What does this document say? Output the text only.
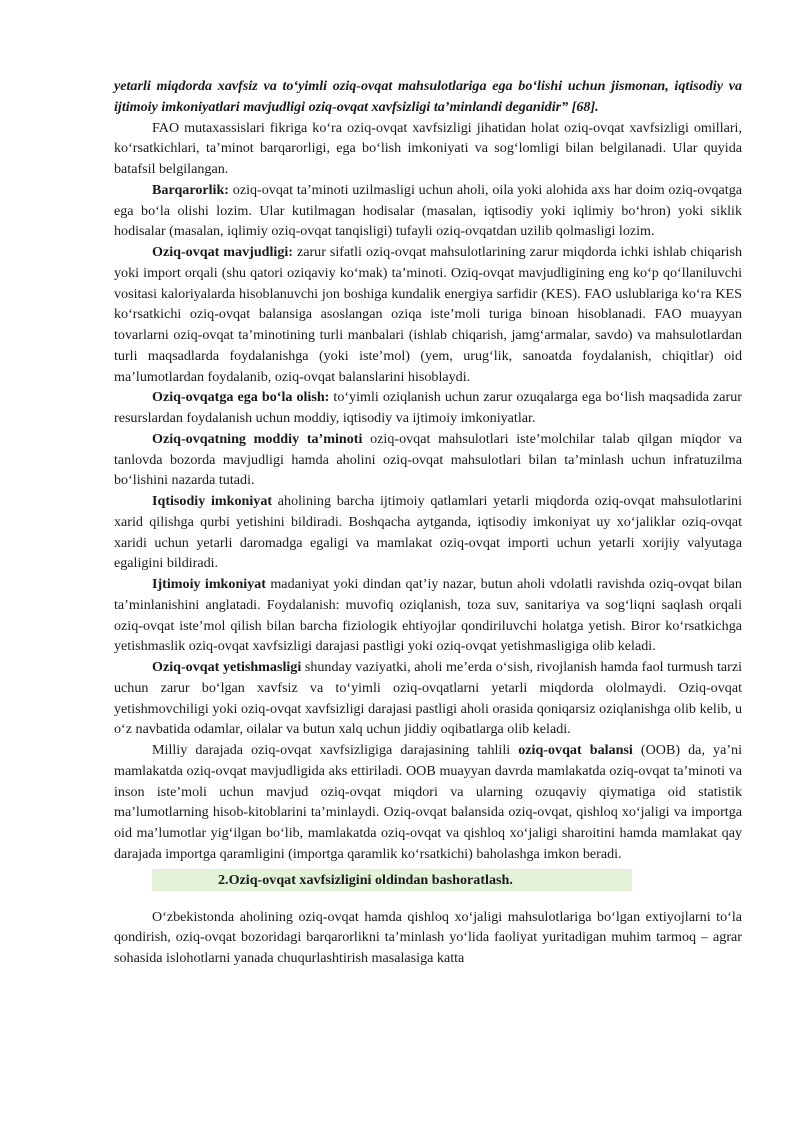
yetarli miqdorda xavfsiz va to‘yimli oziq-ovqat mahsulotlariga ega bo‘lishi uchun jismonan, iqtisodiy va ijtimoiy imkoniyatlari mavjudligi oziq-ovqat xavfsizligi ta’minlandi deganidir” [68].

FAO mutaxassislari fikriga ko‘ra oziq-ovqat xavfsizligi jihatidan holat oziq-ovqat xavfsizligi omillari, ko‘rsatkichlari, ta’minot barqarorligi, ega bo‘lish imkoniyati va sog‘lomligi bilan belgilanadi. Ular quyida batafsil belgilangan.

Barqarorlik: oziq-ovqat ta’minoti uzilmasligi uchun aholi, oila yoki alohida axs har doim oziq-ovqatga ega bo‘la olishi lozim. Ular kutilmagan hodisalar (masalan, iqtisodiy yoki iqlimiy bo‘hron) yoki siklik hodisalar (masalan, iqlimiy oziq-ovqat tanqisligi) tufayli oziq-ovqatdan uzilib qolmasligi lozim.

Oziq-ovqat mavjudligi: zarur sifatli oziq-ovqat mahsulotlarining zarur miqdorda ichki ishlab chiqarish yoki import orqali (shu qatori oziqaviy ko‘mak) ta’minoti. Oziq-ovqat mavjudligining eng ko‘p qo‘llaniluvchi vositasi kaloriyalarda hisoblanuvchi jon boshiga kundalik energiya sarfidir (KES). FAO uslublariga ko‘ra KES ko‘rsatkichi oziq-ovqat balansiga asoslangan oziqa iste’moli turiga binoan hisoblanadi. FAO muayyan tovarlarni oziq-ovqat ta’minotining turli manbalari (ishlab chiqarish, jamg‘armalar, savdo) va mahsulotlardan turli maqsadlarda foydalanishga (yoki iste’mol) (yem, urug‘lik, sanoatda foydalanish, chiqitlar) oid ma’lumotlardan foydalanib, oziq-ovqat balanslarini hisoblaydi.

Oziq-ovqatga ega bo‘la olish: to‘yimli oziqlanish uchun zarur ozuqalarga ega bo‘lish maqsadida zarur resurslardan foydalanish uchun moddiy, iqtisodiy va ijtimoiy imkoniyatlar.

Oziq-ovqatning moddiy ta’minoti oziq-ovqat mahsulotlari iste’molchilar talab qilgan miqdor va tanlovda bozorda mavjudligi hamda aholini oziq-ovqat mahsulotlari bilan ta’minlash uchun infratuzilma bo‘lishini nazarda tutadi.

Iqtisodiy imkoniyat aholining barcha ijtimoiy qatlamlari yetarli miqdorda oziq-ovqat mahsulotlarini xarid qilishga qurbi yetishini bildiradi. Boshqacha aytganda, iqtisodiy imkoniyat uy xo‘jaliklar oziq-ovqat xaridi uchun yetarli daromadga egaligi va mamlakat oziq-ovqat importi uchun yetarli xorijiy valyutaga egaligini bildiradi.

Ijtimoiy imkoniyat madaniyat yoki dindan qat’iy nazar, butun aholi vdolatli ravishda oziq-ovqat bilan ta’minlanishini anglatadi. Foydalanish: muvofiq oziqlanish, toza suv, sanitariya va sog‘liqni saqlash orqali oziq-ovqat iste’mol qilish bilan barcha fiziologik ehtiyojlar qondiriluvchi holatga yetish. Biror ko‘rsatkichga yetishmaslik oziq-ovqat xavfsizligi darajasi pastligi yoki oziq-ovqat yetishmasligiga olib keladi.

Oziq-ovqat yetishmasligi shunday vaziyatki, aholi me’erda o‘sish, rivojlanish hamda faol turmush tarzi uchun zarur bo‘lgan xavfsiz va to‘yimli oziq-ovqatlarni yetarli miqdorda ololmaydi. Oziq-ovqat yetishmovchiligi yoki oziq-ovqat xavfsizligi darajasi pastligi aholi orasida qoniqarsiz oziqlanishga olib kelib, u o‘z navbatida odamlar, oilalar va butun xalq uchun jiddiy oqibatlarga olib keladi.

Milliy darajada oziq-ovqat xavfsizligiga darajasining tahlili oziq-ovqat balansi (OOB) da, ya’ni mamlakatda oziq-ovqat mavjudligida aks ettiriladi. OOB muayyan davrda mamlakatda oziq-ovqat ta’minoti va inson iste’moli uchun mavjud oziq-ovqat miqdori va ularning ozuqaviy qiymatiga oid statistik ma’lumotlarning hisob-kitoblarini ta’minlaydi. Oziq-ovqat balansida oziq-ovqat, qishloq xo‘jaligi va importga oid ma’lumotlar yig‘ilgan bo‘lib, mamlakatda oziq-ovqat va qishloq xo‘jaligi sharoitini hamda mamlakat qay darajada importga qaramligini (importga qaramlik ko‘rsatkichi) baholashga imkon beradi.

2.Oziq-ovqat xavfsizligini oldindan bashoratlash.

O‘zbekistonda aholining oziq-ovqat hamda qishloq xo‘jaligi mahsulotlariga bo‘lgan extiyojlarni to‘la qondirish, oziq-ovqat bozoridagi barqarorlikni ta’minlash yo‘lida faoliyat yuritadigan muhim tarmoq – agrar sohasida islohotlarni yanada chuqurlashtirish masalasiga katta
